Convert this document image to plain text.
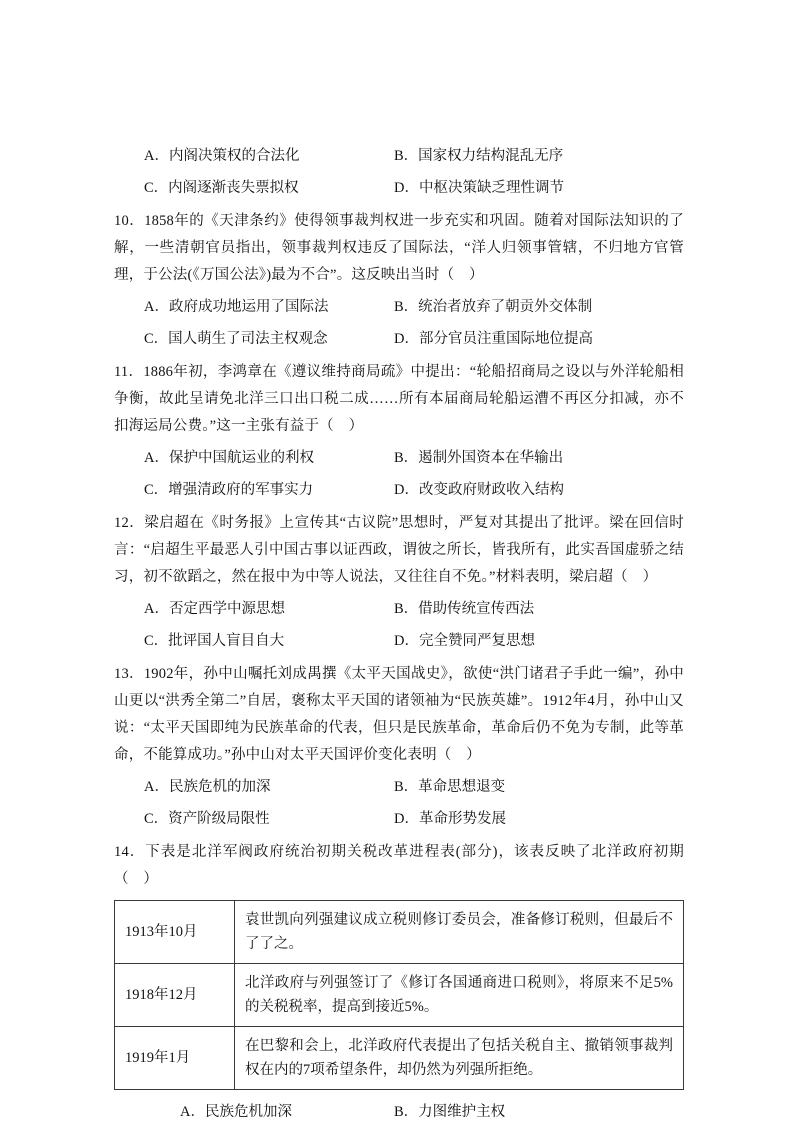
A．内阁决策权的合法化	B．国家权力结构混乱无序
C．内阁逐渐丧失票拟权	D．中枢决策缺乏理性调节

10．1858年的《天津条约》使得领事裁判权进一步充实和巩固。随着对国际法知识的了解，一些清朝官员指出，领事裁判权违反了国际法，“洋人归领事管辖，不归地方官管理，于公法(《万国公法》)最为不合”。这反映出当时（　）

A．政府成功地运用了国际法	B．统治者放弃了朝贡外交体制
C．国人萌生了司法主权观念	D．部分官员注重国际地位提高

11．1886年初，李鸿章在《遵议维持商局疏》中提出：“轮船招商局之设以与外洋轮船相争衡，故此呈请免北洋三口出口税二成……所有本届商局轮船运漕不再区分扣减，亦不扣海运局公费。”这一主张有益于（　）

A．保护中国航运业的利权	B．遏制外国资本在华输出
C．增强清政府的军事实力	D．改变政府财政收入结构

12．梁启超在《时务报》上宣传其“古议院”思想时，严复对其提出了批评。梁在回信时言：“启超生平最恶人引中国古事以证西政，谓彼之所长，皆我所有，此实吾国虚骄之结习，初不欲蹈之，然在报中为中等人说法，又往往自不免。”材料表明，梁启超（　）

A．否定西学中源思想	B．借助传统宣传西法
C．批评国人盲目自大	D．完全赞同严复思想

13．1902年，孙中山嘱托刘成禺撰《太平天国战史》，欲使“洪门诸君子手此一编”，孙中山更以“洪秀全第二”自居，褒称太平天国的诸领袖为“民族英雄”。1912年4月，孙中山又说：“太平天国即纯为民族革命的代表，但只是民族革命，革命后仍不免为专制，此等革命，不能算成功。”孙中山对太平天国评价变化表明（　）

A．民族危机的加深	B．革命思想退变
C．资产阶级局限性	D．革命形势发展

14．下表是北洋军阀政府统治初期关税改革进程表(部分)，该表反映了北洋政府初期（　）

1913年10月	袁世凯向列强建议成立税则修订委员会，准备修订税则，但最后不了了之。
1918年12月	北洋政府与列强签订了《修订各国通商进口税则》，将原来不足5%的关税税率，提高到接近5%。
1919年1月	在巴黎和会上，北洋政府代表提出了包括关税自主、撤销领事裁判权在内的7项希望条件，却仍然为列强所拒绝。
A．民族危机加深	B．力图维护主权
